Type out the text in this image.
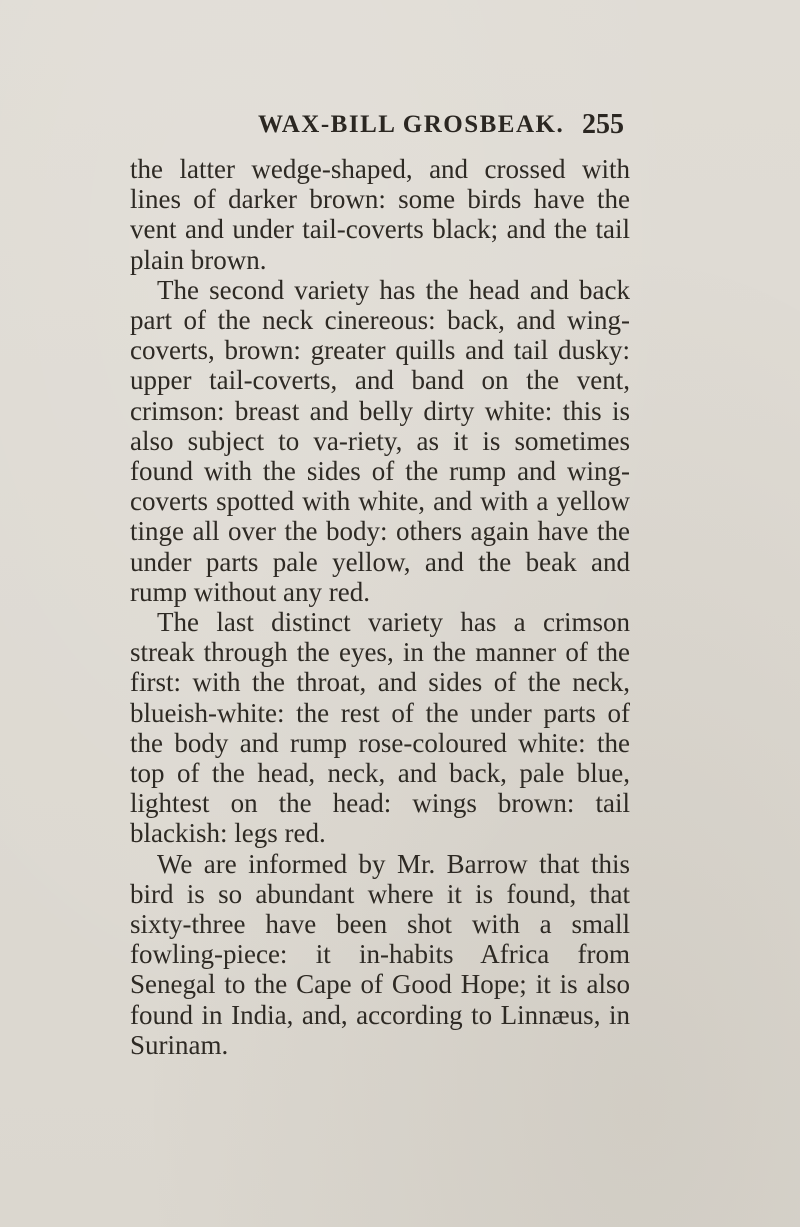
WAX-BILL GROSBEAK. 255

the latter wedge-shaped, and crossed with lines of darker brown: some birds have the vent and under tail-coverts black; and the tail plain brown.

The second variety has the head and back part of the neck cinereous: back, and wing-coverts, brown: greater quills and tail dusky: upper tail-coverts, and band on the vent, crimson: breast and belly dirty white: this is also subject to va-riety, as it is sometimes found with the sides of the rump and wing-coverts spotted with white, and with a yellow tinge all over the body: others again have the under parts pale yellow, and the beak and rump without any red.

The last distinct variety has a crimson streak through the eyes, in the manner of the first: with the throat, and sides of the neck, blueish-white: the rest of the under parts of the body and rump rose-coloured white: the top of the head, neck, and back, pale blue, lightest on the head: wings brown: tail blackish: legs red.

We are informed by Mr. Barrow that this bird is so abundant where it is found, that sixty-three have been shot with a small fowling-piece: it in-habits Africa from Senegal to the Cape of Good Hope; it is also found in India, and, according to Linnæus, in Surinam.
